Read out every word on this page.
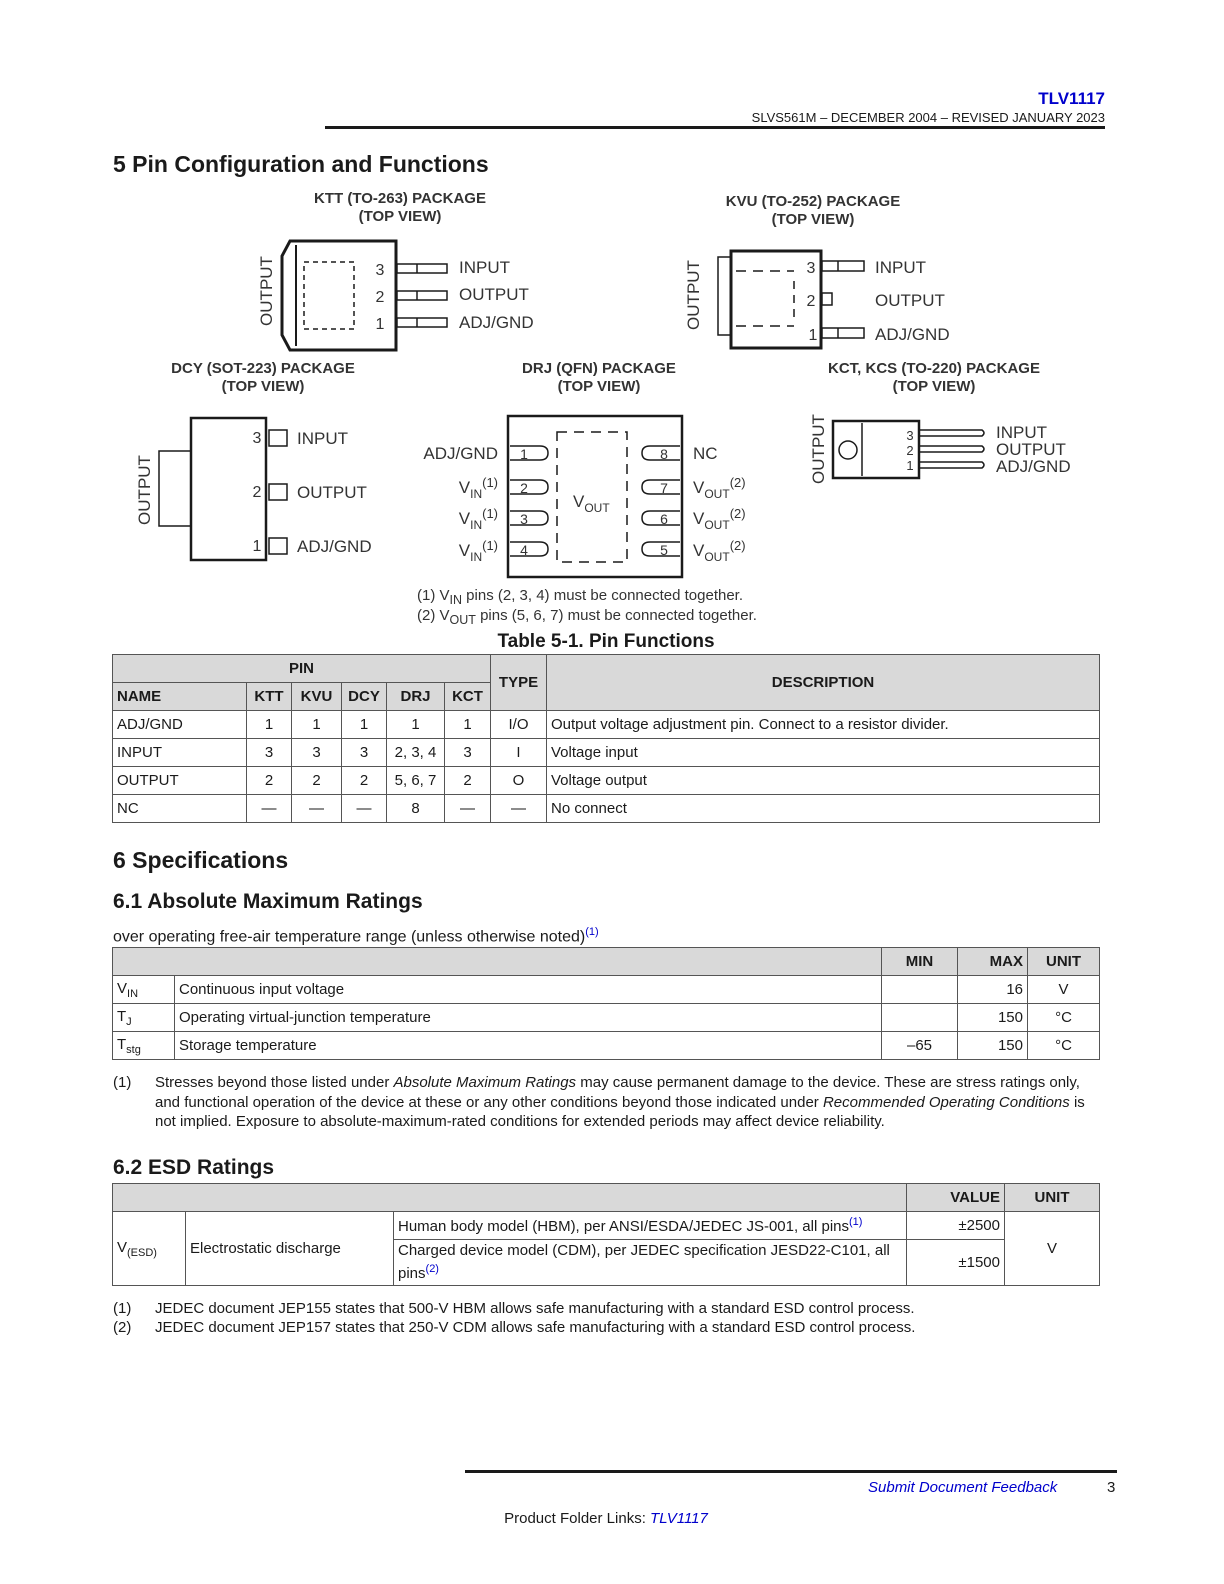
TLV1117
SLVS561M – DECEMBER 2004 – REVISED JANUARY 2023
5 Pin Configuration and Functions
KTT (TO-263) PACKAGE
(TOP VIEW)
OUTPUT	3
2
1
INPUT
OUTPUT
ADJ/GND
KVU (TO-252) PACKAGE
(TOP VIEW)
OUTPUT	3
2
1
INPUT
OUTPUT
ADJ/GND
DCY (SOT-223) PACKAGE
(TOP VIEW)
OUTPUT
3
2
1
INPUT
OUTPUT
ADJ/GND
DRJ (QFN) PACKAGE
(TOP VIEW)
$V_{OUT}$
1
2
3
4
8
7
6
5
ADJ/GND
$V_{IN}^{(1)}$
$V_{IN}^{(1)}$
$V_{IN}^{(1)}$
NC
$V_{OUT}^{(2)}$
$V_{OUT}^{(2)}$
$V_{OUT}^{(2)}$
KCT, KCS (TO-220) PACKAGE
(TOP VIEW)
OUTPUT	3
2
1
INPUT
OUTPUT
ADJ/GND
(1) $V_{IN}$ pins (2, 3, 4) must be connected together.
(2) $V_{OUT}$ pins (5, 6, 7) must be connected together.
Table 5-1. Pin Functions
PIN						TYPE	DESCRIPTION
NAME	KTT	KVU	DCY	DRJ	KCT		
ADJ/GND	1	1	1	1	1	I/O	Output voltage adjustment pin. Connect to a resistor divider.
INPUT	3	3	3	2, 3, 4	3	I	Voltage input
OUTPUT	2	2	2	5, 6, 7	2	O	Voltage output
NC	—	—	—	8	—	—	No connect
6 Specifications
6.1 Absolute Maximum Ratings
over operating free-air temperature range (unless otherwise noted)$^{(1)}$
		MIN	MAX	UNIT
$V_{IN}$	Continuous input voltage		16	V
$T_J$	Operating virtual-junction temperature		150	°C
$T_{stg}$	Storage temperature	–65	150	°C
(1)	Stresses beyond those listed under Absolute Maximum Ratings may cause permanent damage to the device. These are stress ratings only, and functional operation of the device at these or any other conditions beyond those indicated under Recommended Operating Conditions is not implied. Exposure to absolute-maximum-rated conditions for extended periods may affect device reliability.
6.2 ESD Ratings
			VALUE	UNIT
$V_{(ESD)}$	Electrostatic discharge	Human body model (HBM), per ANSI/ESDA/JEDEC JS-001, all pins$^{(1)}$	±2500	V
		Charged device model (CDM), per JEDEC specification JESD22-C101, all pins$^{(2)}$	±1500	
(1) JEDEC document JEP155 states that 500-V HBM allows safe manufacturing with a standard ESD control process.
(2) JEDEC document JEP157 states that 250-V CDM allows safe manufacturing with a standard ESD control process.
Submit Document Feedback	3
Product Folder Links: TLV1117
